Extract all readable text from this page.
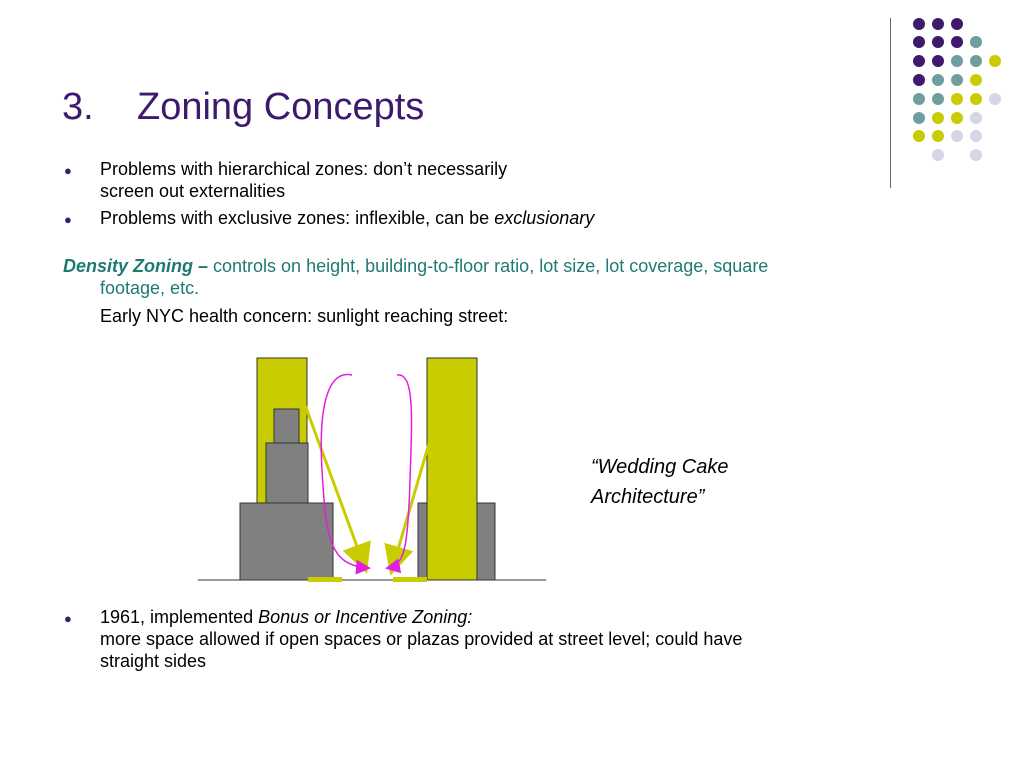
3. Zoning Concepts
● Problems with hierarchical zones: don’t necessarily
screen out externalities
● Problems with exclusive zones: inflexible, can be exclusionary
Density Zoning – controls on height, building-to-floor ratio, lot size, lot coverage, square
footage, etc.
Early NYC health concern: sunlight reaching street:
“Wedding Cake
Architecture”
● 1961, implemented Bonus or Incentive Zoning:
more space allowed if open spaces or plazas provided at street level; could have
straight sides
